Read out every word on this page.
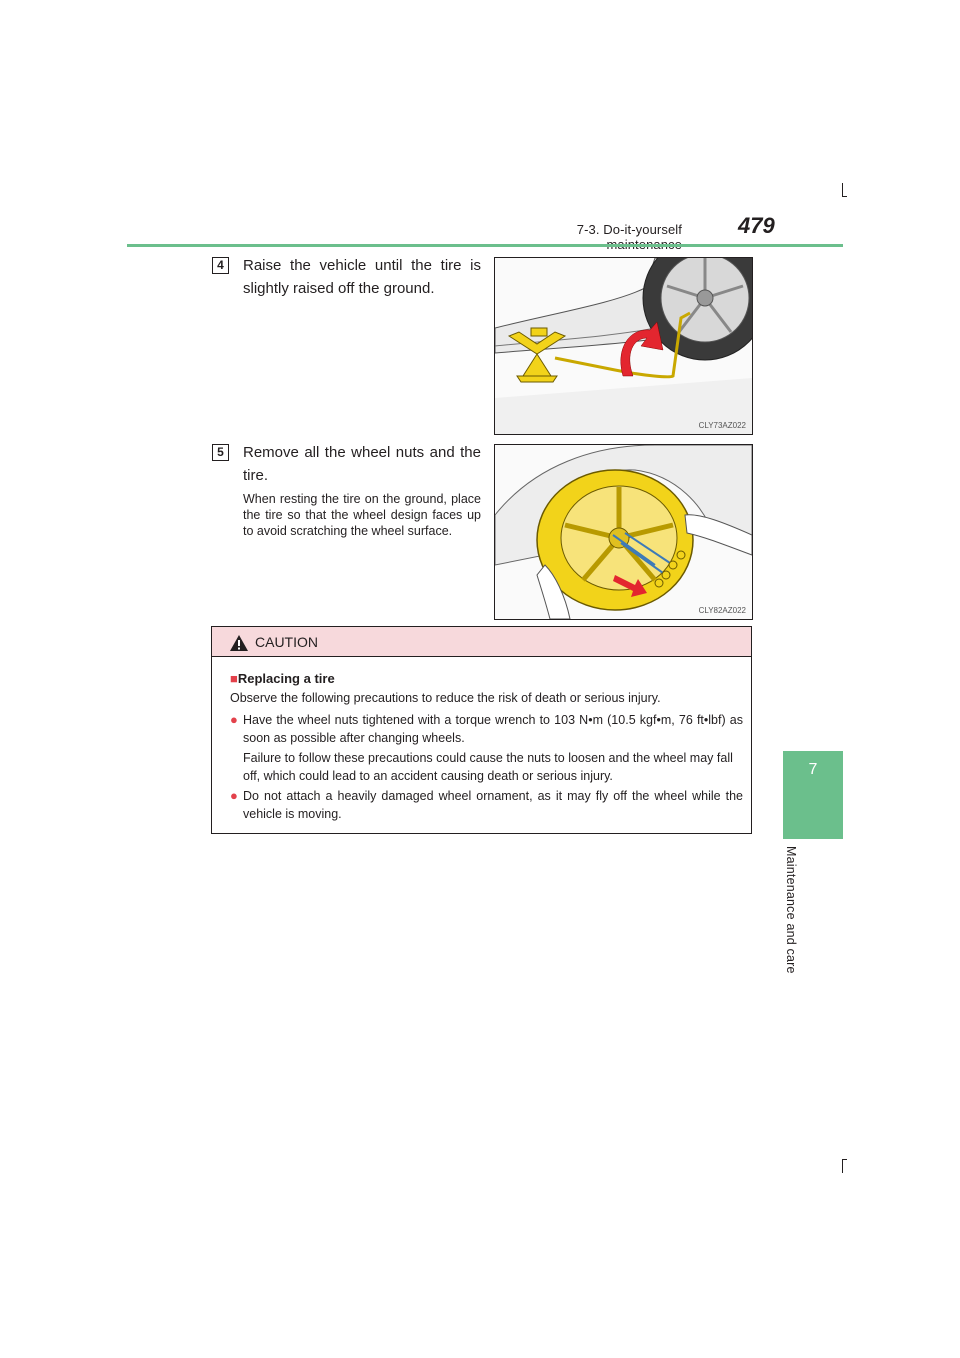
7-3. Do-it-yourself	479
7
Maintenance and care
4	Raise the vehicle until the tire is slightly raised off the ground.
CLY73AZ022
5	Remove all the wheel nuts and the tire.
When resting the tire on the ground, place the tire so that the wheel design faces up to avoid scratching the wheel surface.
CLY82AZ022
CAUTION
■Replacing a tire
Observe the following precautions to reduce the risk of death or serious injury.
● Have the wheel nuts tightened with a torque wrench to 103 N•m (10.5 kgf•m, 76 ft•lbf) as soon as possible after changing wheels.
Failure to follow these precautions could cause the nuts to loosen and the wheel may fall off, which could lead to an accident causing death or serious injury.
● Do not attach a heavily damaged wheel ornament, as it may fly off the wheel while the vehicle is moving.
